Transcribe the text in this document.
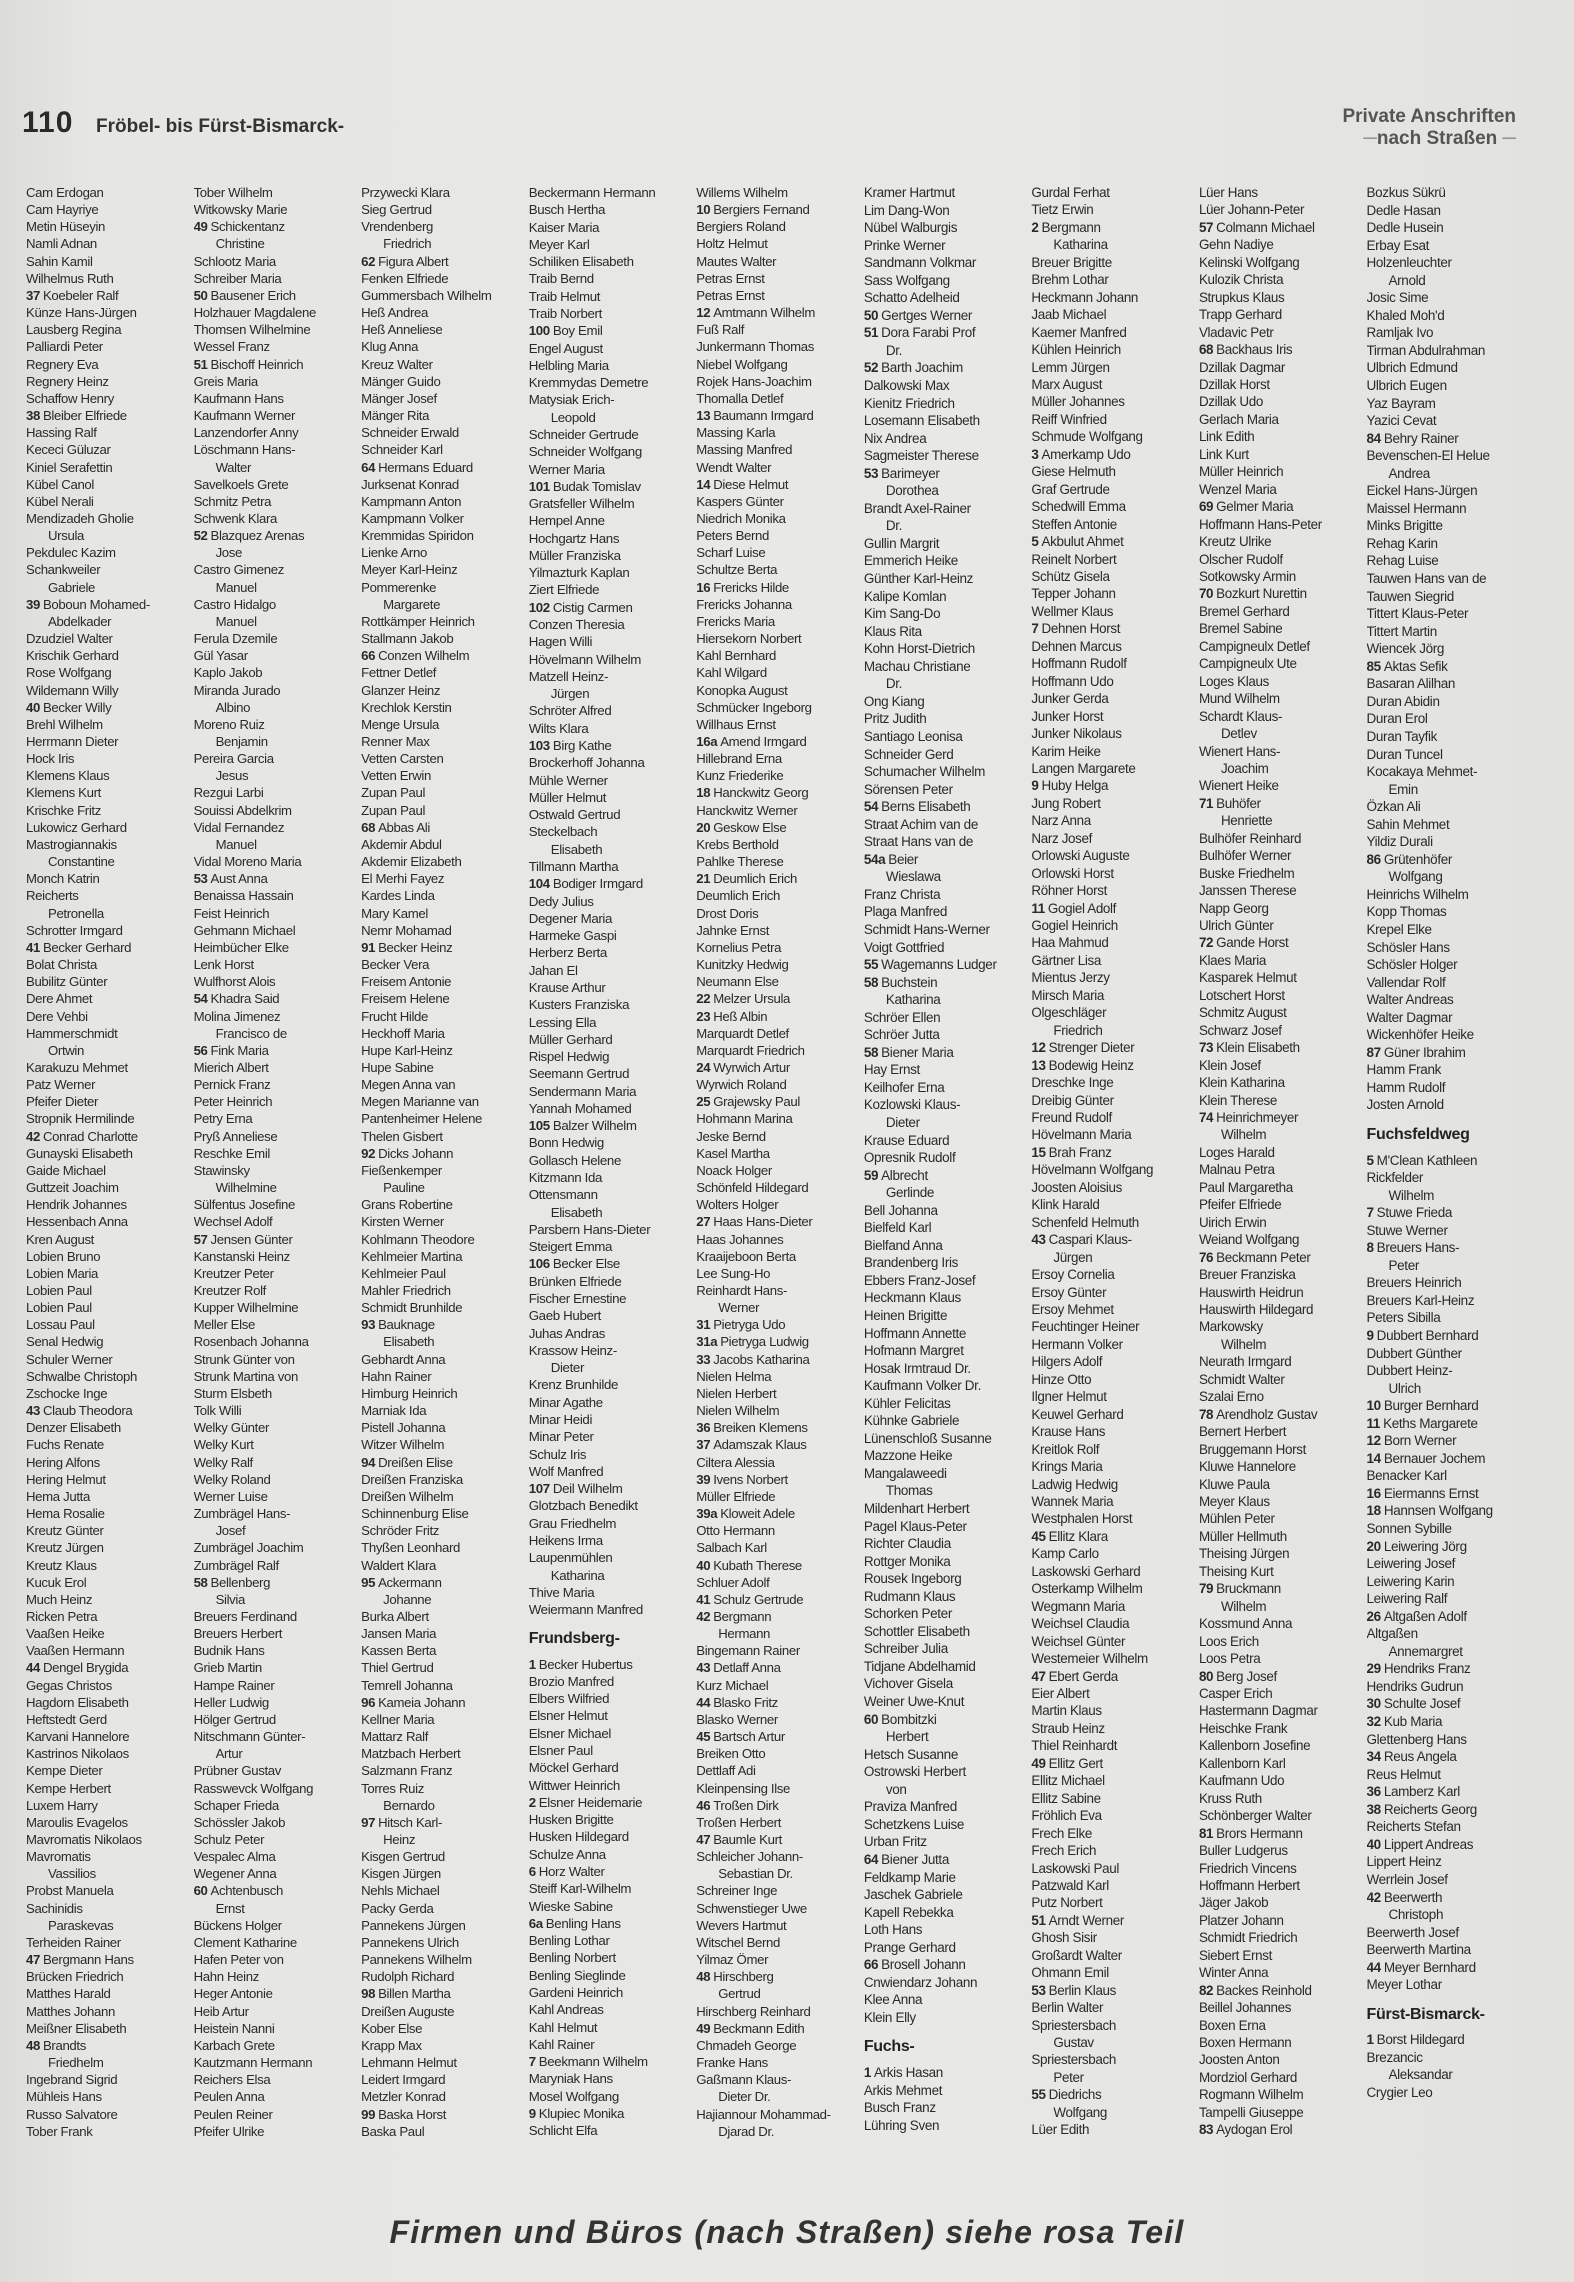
110 Fröbel- bis Fürst-Bismarck-	Private Anschriften
─ nach Straßen ─
Cam Erdogan
Cam Hayriye
Metin Hüseyin
Namli Adnan
Sahin Kamil
Wilhelmus Ruth
37 Koebeler Ralf
Künze Hans-Jürgen
Lausberg Regina
Palliardi Peter
Regnery Eva
Regnery Heinz
Schaffow Henry
38 Bleiber Elfriede
Hassing Ralf
Kececi Güluzar
Kiniel Serafettin
Kübel Canol
Kübel Nerali
Mendizadeh Gholie
Ursula
Pekdulec Kazim
Schankweiler
Gabriele
39 Boboun Mohamed-
Abdelkader
Dzudziel Walter
Krischik Gerhard
Rose Wolfgang
Wildemann Willy
40 Becker Willy
Brehl Wilhelm
Herrmann Dieter
Hock Iris
Klemens Klaus
Klemens Kurt
Krischke Fritz
Lukowicz Gerhard
Mastrogiannakis
Constantine
Monch Katrin
Reicherts
Petronella
Schrotter Irmgard
41 Becker Gerhard
Bolat Christa
Bubilitz Günter
Dere Ahmet
Dere Vehbi
Hammerschmidt
Ortwin
Karakuzu Mehmet
Patz Werner
Pfeifer Dieter
Stropnik Hermilinde
42 Conrad Charlotte
Gunayski Elisabeth
Gaide Michael
Guttzeit Joachim
Hendrik Johannes
Hessenbach Anna
Kren August
Lobien Bruno
Lobien Maria
Lobien Paul
Lobien Paul
Lossau Paul
Senal Hedwig
Schuler Werner
Schwalbe Christoph
Zschocke Inge
43 Claub Theodora
Denzer Elisabeth
Fuchs Renate
Hering Alfons
Hering Helmut
Hema Jutta
Hema Rosalie
Kreutz Günter
Kreutz Jürgen
Kreutz Klaus
Kucuk Erol
Much Heinz
Ricken Petra
Vaaßen Heike
Vaaßen Hermann
44 Dengel Brygida
Gegas Christos
Hagdorn Elisabeth
Heftstedt Gerd
Karvani Hannelore
Kastrinos Nikolaos
Kempe Dieter
Kempe Herbert
Luxem Harry
Maroulis Evagelos
Mavromatis Nikolaos
Mavromatis
Vassilios
Probst Manuela
Sachinidis
Paraskevas
Terheiden Rainer
47 Bergmann Hans
Brücken Friedrich
Matthes Harald
Matthes Johann
Meißner Elisabeth
48 Brandts
Friedhelm
Ingebrand Sigrid
Mühleis Hans
Russo Salvatore
Tober Frank
Tober Wilhelm
Witkowsky Marie
49 Schickentanz
Christine
Schlootz Maria
Schreiber Maria
50 Bausener Erich
Holzhauer Magdalene
Thomsen Wilhelmine
Wessel Franz
51 Bischoff Heinrich
Greis Maria
Kaufmann Hans
Kaufmann Werner
Lanzendorfer Anny
Löschmann Hans-
Walter
Savelkoels Grete
Schmitz Petra
Schwenk Klara
52 Blazquez Arenas
Jose
Castro Gimenez
Manuel
Castro Hidalgo
Manuel
Ferula Dzemile
Gül Yasar
Kaplo Jakob
Miranda Jurado
Albino
Moreno Ruiz
Benjamin
Pereira Garcia
Jesus
Rezgui Larbi
Souissi Abdelkrim
Vidal Fernandez
Manuel
Vidal Moreno Maria
53 Aust Anna
Benaissa Hassain
Feist Heinrich
Gehmann Michael
Heimbücher Elke
Lenk Horst
Wulfhorst Alois
54 Khadra Said
Molina Jimenez
Francisco de
56 Fink Maria
Mierich Albert
Pernick Franz
Peter Heinrich
Petry Erna
Pryß Anneliese
Reschke Emil
Stawinsky
Wilhelmine
Sülfentus Josefine
Wechsel Adolf
57 Jensen Günter
Kanstanski Heinz
Kreutzer Peter
Kreutzer Rolf
Kupper Wilhelmine
Meller Else
Rosenbach Johanna
Strunk Günter von
Strunk Martina von
Sturm Elsbeth
Tolk Willi
Welky Günter
Welky Kurt
Welky Ralf
Welky Roland
Werner Luise
Zumbrägel Hans-
Josef
Zumbrägel Joachim
Zumbrägel Ralf
58 Bellenberg
Silvia
Breuers Ferdinand
Breuers Herbert
Budnik Hans
Grieb Martin
Hampe Rainer
Heller Ludwig
Hölger Gertrud
Nitschmann Günter-
Artur
Prübner Gustav
Rasswevck Wolfgang
Schaper Frieda
Schössler Jakob
Schulz Peter
Vespalec Alma
Wegener Anna
60 Achtenbusch
Ernst
Bückens Holger
Clement Katharine
Hafen Peter von
Hahn Heinz
Heger Antonie
Heib Artur
Heistein Nanni
Karbach Grete
Kautzmann Hermann
Reichers Elsa
Peulen Anna
Peulen Reiner
Pfeifer Ulrike
Przywecki Klara
Sieg Gertrud
Vrendenberg
Friedrich
62 Figura Albert
Fenken Elfriede
Gummersbach Wilhelm
Heß Andrea
Heß Anneliese
Klug Anna
Kreuz Walter
Mänger Guido
Mänger Josef
Mänger Rita
Schneider Erwald
Schneider Karl
64 Hermans Eduard
Jurksenat Konrad
Kampmann Anton
Kampmann Volker
Kremmidas Spiridon
Lienke Arno
Meyer Karl-Heinz
Pommerenke
Margarete
Rottkämper Heinrich
Stallmann Jakob
66 Conzen Wilhelm
Fettner Detlef
Glanzer Heinz
Krechlok Kerstin
Menge Ursula
Renner Max
Vetten Carsten
Vetten Erwin
Zupan Paul
Zupan Paul
68 Abbas Ali
Akdemir Abdul
Akdemir Elizabeth
El Merhi Fayez
Kardes Linda
Mary Kamel
Nemr Mohamad
91 Becker Heinz
Becker Vera
Freisem Antonie
Freisem Helene
Frucht Hilde
Heckhoff Maria
Hupe Karl-Heinz
Hupe Sabine
Megen Anna van
Megen Marianne van
Pantenheimer Helene
Thelen Gisbert
92 Dicks Johann
Fießenkemper
Pauline
Grans Robertine
Kirsten Werner
Kohlmann Theodore
Kehlmeier Martina
Kehlmeier Paul
Mahler Friedrich
Schmidt Brunhilde
93 Bauknage
Elisabeth
Gebhardt Anna
Hahn Rainer
Himburg Heinrich
Marniak Ida
Pistell Johanna
Witzer Wilhelm
94 Dreißen Elise
Dreißen Franziska
Dreißen Wilhelm
Schinnenburg Elise
Schröder Fritz
Thyßen Leonhard
Waldert Klara
95 Ackermann
Johanne
Burka Albert
Jansen Maria
Kassen Berta
Thiel Gertrud
Temrell Johanna
96 Kameia Johann
Kellner Maria
Mattarz Ralf
Matzbach Herbert
Salzmann Franz
Torres Ruiz
Bernardo
97 Hitsch Karl-
Heinz
Kisgen Gertrud
Kisgen Jürgen
Nehls Michael
Packy Gerda
Pannekens Jürgen
Pannekens Ulrich
Pannekens Wilhelm
Rudolph Richard
98 Billen Martha
Dreißen Auguste
Kober Else
Krapp Max
Lehmann Helmut
Leidert Irmgard
Metzler Konrad
99 Baska Horst
Baska Paul
Beckermann Hermann
Busch Hertha
Kaiser Maria
Meyer Karl
Schiliken Elisabeth
Traib Bernd
Traib Helmut
Traib Norbert
100 Boy Emil
Engel August
Helbling Maria
Kremmydas Demetre
Matysiak Erich-
Leopold
Schneider Gertrude
Schneider Wolfgang
Werner Maria
101 Budak Tomislav
Gratsfeller Wilhelm
Hempel Anne
Hochgartz Hans
Müller Franziska
Yilmazturk Kaplan
Ziert Elfriede
102 Cistig Carmen
Conzen Theresia
Hagen Willi
Hövelmann Wilhelm
Matzell Heinz-
Jürgen
Schröter Alfred
Wilts Klara
103 Birg Kathe
Brockerhoff Johanna
Mühle Werner
Müller Helmut
Ostwald Gertrud
Steckelbach
Elisabeth
Tillmann Martha
104 Bodiger Irmgard
Dedy Julius
Degener Maria
Harmeke Gaspi
Herberz Berta
Jahan El
Krause Arthur
Kusters Franziska
Lessing Ella
Müller Gerhard
Rispel Hedwig
Seemann Gertrud
Sendermann Maria
Yannah Mohamed
105 Balzer Wilhelm
Bonn Hedwig
Gollasch Helene
Kitzmann Ida
Ottensmann
Elisabeth
Parsbern Hans-Dieter
Steigert Emma
106 Becker Else
Brünken Elfriede
Fischer Ernestine
Gaeb Hubert
Juhas Andras
Krassow Heinz-
Dieter
Krenz Brunhilde
Minar Agathe
Minar Heidi
Minar Peter
Schulz Iris
Wolf Manfred
107 Deil Wilhelm
Glotzbach Benedikt
Grau Friedhelm
Heikens Irma
Laupenmühlen
Katharina
Thive Maria
Weiermann Manfred
Frundsberg-
1 Becker Hubertus
Brozio Manfred
Elbers Wilfried
Elsner Helmut
Elsner Michael
Elsner Paul
Möckel Gerhard
Wittwer Heinrich
2 Elsner Heidemarie
Husken Brigitte
Husken Hildegard
Schulze Anna
6 Horz Walter
Steiff Karl-Wilhelm
Wieske Sabine
6a Benling Hans
Benling Lothar
Benling Norbert
Benling Sieglinde
Gardeni Heinrich
Kahl Andreas
Kahl Helmut
Kahl Rainer
7 Beekmann Wilhelm
Maryniak Hans
Mosel Wolfgang
9 Klupiec Monika
Schlicht Elfa
Willems Wilhelm
10 Bergiers Fernand
Bergiers Roland
Holtz Helmut
Mautes Walter
Petras Ernst
Petras Ernst
12 Amtmann Wilhelm
Fuß Ralf
Junkermann Thomas
Niebel Wolfgang
Rojek Hans-Joachim
Thomalla Detlef
13 Baumann Irmgard
Massing Karla
Massing Manfred
Wendt Walter
14 Diese Helmut
Kaspers Günter
Niedrich Monika
Peters Bernd
Scharf Luise
Schultze Berta
16 Frericks Hilde
Frericks Johanna
Frericks Maria
Hiersekorn Norbert
Kahl Bernhard
Kahl Wilgard
Konopka August
Schmücker Ingeborg
Willhaus Ernst
16a Amend Irmgard
Hillebrand Erna
Kunz Friederike
18 Hanckwitz Georg
Hanckwitz Werner
20 Geskow Else
Krebs Berthold
Pahlke Therese
21 Deumlich Erich
Deumlich Erich
Drost Doris
Jahnke Ernst
Kornelius Petra
Kunitzky Hedwig
Neumann Else
22 Melzer Ursula
23 Heß Albin
Marquardt Detlef
Marquardt Friedrich
24 Wyrwich Artur
Wyrwich Roland
25 Grajewsky Paul
Hohmann Marina
Jeske Bernd
Kasel Martha
Noack Holger
Schönfeld Hildegard
Wolters Holger
27 Haas Hans-Dieter
Haas Johannes
Kraaijeboon Berta
Lee Sung-Ho
Reinhardt Hans-
Werner
31 Pietryga Udo
31a Pietryga Ludwig
33 Jacobs Katharina
Nielen Helma
Nielen Herbert
Nielen Wilhelm
36 Breiken Klemens
37 Adamszak Klaus
Ciltera Alessia
39 Ivens Norbert
Müller Elfriede
39a Kloweit Adele
Otto Hermann
Salbach Karl
40 Kubath Therese
Schluer Adolf
41 Schulz Gertrude
42 Bergmann
Hermann
Bingemann Rainer
43 Detlaff Anna
Kurz Michael
44 Blasko Fritz
Blasko Werner
45 Bartsch Artur
Breiken Otto
Dettlaff Adi
Kleinpensing Ilse
46 Troßen Dirk
Troßen Herbert
47 Baumle Kurt
Schleicher Johann-
Sebastian Dr.
Schreiner Inge
Schwenstieger Uwe
Wevers Hartmut
Witschel Bernd
Yilmaz Ömer
48 Hirschberg
Gertrud
Hirschberg Reinhard
49 Beckmann Edith
Chmadeh George
Franke Hans
Gaßmann Klaus-
Dieter Dr.
Hajiannour Mohammad-
Djarad Dr.
Kramer Hartmut
Lim Dang-Won
Nübel Walburgis
Prinke Werner
Sandmann Volkmar
Sass Wolfgang
Schatto Adelheid
50 Gertges Werner
51 Dora Farabi Prof
Dr.
52 Barth Joachim
Dalkowski Max
Kienitz Friedrich
Losemann Elisabeth
Nix Andrea
Sagmeister Therese
53 Barimeyer
Dorothea
Brandt Axel-Rainer
Dr.
Gullin Margrit
Emmerich Heike
Günther Karl-Heinz
Kalipe Komlan
Kim Sang-Do
Klaus Rita
Kohn Horst-Dietrich
Machau Christiane
Dr.
Ong Kiang
Pritz Judith
Santiago Leonisa
Schneider Gerd
Schumacher Wilhelm
Sörensen Peter
54 Berns Elisabeth
Straat Achim van de
Straat Hans van de
54a Beier
Wieslawa
Franz Christa
Plaga Manfred
Schmidt Hans-Werner
Voigt Gottfried
55 Wagemanns Ludger
58 Buchstein
Katharina
Schröer Ellen
Schröer Jutta
58 Biener Maria
Hay Ernst
Keilhofer Erna
Kozlowski Klaus-
Dieter
Krause Eduard
Opresnik Rudolf
59 Albrecht
Gerlinde
Bell Johanna
Bielfeld Karl
Bielfand Anna
Brandenberg Iris
Ebbers Franz-Josef
Heckmann Klaus
Heinen Brigitte
Hoffmann Annette
Hofmann Margret
Hosak Irmtraud Dr.
Kaufmann Volker Dr.
Kühler Felicitas
Kühnke Gabriele
Lünenschloß Susanne
Mazzone Heike
Mangalaweedi
Thomas
Mildenhart Herbert
Pagel Klaus-Peter
Richter Claudia
Rottger Monika
Rousek Ingeborg
Rudmann Klaus
Schorken Peter
Schottler Elisabeth
Schreiber Julia
Tidjane Abdelhamid
Vichover Gisela
Weiner Uwe-Knut
60 Bombitzki
Herbert
Hetsch Susanne
Ostrowski Herbert
von
Praviza Manfred
Schetzkens Luise
Urban Fritz
64 Biener Jutta
Feldkamp Marie
Jaschek Gabriele
Kapell Rebekka
Loth Hans
Prange Gerhard
66 Brosell Johann
Cnwiendarz Johann
Klee Anna
Klein Elly
Fuchs-
1 Arkis Hasan
Arkis Mehmet
Busch Franz
Lühring Sven
Gurdal Ferhat
Tietz Erwin
2 Bergmann
Katharina
Breuer Brigitte
Brehm Lothar
Heckmann Johann
Jaab Michael
Kaemer Manfred
Kühlen Heinrich
Lemm Jürgen
Marx August
Müller Johannes
Reiff Winfried
Schmude Wolfgang
3 Amerkamp Udo
Giese Helmuth
Graf Gertrude
Schedwill Emma
Steffen Antonie
5 Akbulut Ahmet
Reinelt Norbert
Schütz Gisela
Tepper Johann
Wellmer Klaus
7 Dehnen Horst
Dehnen Marcus
Hoffmann Rudolf
Hoffmann Udo
Junker Gerda
Junker Horst
Junker Nikolaus
Karim Heike
Langen Margarete
9 Huby Helga
Jung Robert
Narz Anna
Narz Josef
Orlowski Auguste
Orlowski Horst
Röhner Horst
11 Gogiel Adolf
Gogiel Heinrich
Haa Mahmud
Gärtner Lisa
Mientus Jerzy
Mirsch Maria
Olgeschläger
Friedrich
12 Strenger Dieter
13 Bodewig Heinz
Dreschke Inge
Dreibig Günter
Freund Rudolf
Hövelmann Maria
15 Brah Franz
Hövelmann Wolfgang
Joosten Aloisius
Klink Harald
Schenfeld Helmuth
43 Caspari Klaus-
Jürgen
Ersoy Cornelia
Ersoy Günter
Ersoy Mehmet
Feuchtinger Heiner
Hermann Volker
Hilgers Adolf
Hinze Otto
Ilgner Helmut
Keuwel Gerhard
Krause Hans
Kreitlok Rolf
Krings Maria
Ladwig Hedwig
Wannek Maria
Westphalen Horst
45 Ellitz Klara
Kamp Carlo
Laskowski Gerhard
Osterkamp Wilhelm
Wegmann Maria
Weichsel Claudia
Weichsel Günter
Westemeier Wilhelm
47 Ebert Gerda
Eier Albert
Martin Klaus
Straub Heinz
Thiel Reinhardt
49 Ellitz Gert
Ellitz Michael
Ellitz Sabine
Fröhlich Eva
Frech Elke
Frech Erich
Laskowski Paul
Patzwald Karl
Putz Norbert
51 Arndt Werner
Ghosh Sisir
Großardt Walter
Ohmann Emil
53 Berlin Klaus
Berlin Walter
Spriestersbach
Gustav
Spriestersbach
Peter
55 Diedrichs
Wolfgang
Lüer Edith
Lüer Hans
Lüer Johann-Peter
57 Colmann Michael
Gehn Nadiye
Kelinski Wolfgang
Kulozik Christa
Strupkus Klaus
Trapp Gerhard
Vladavic Petr
68 Backhaus Iris
Dzillak Dagmar
Dzillak Horst
Dzillak Udo
Gerlach Maria
Link Edith
Link Kurt
Müller Heinrich
Wenzel Maria
69 Gelmer Maria
Hoffmann Hans-Peter
Kreutz Ulrike
Olscher Rudolf
Sotkowsky Armin
70 Bozkurt Nurettin
Bremel Gerhard
Bremel Sabine
Campigneulx Detlef
Campigneulx Ute
Loges Klaus
Mund Wilhelm
Schardt Klaus-
Detlev
Wienert Hans-
Joachim
Wienert Heike
71 Buhöfer
Henriette
Bulhöfer Reinhard
Bulhöfer Werner
Buske Friedhelm
Janssen Therese
Napp Georg
Ulrich Günter
72 Gande Horst
Klaes Maria
Kasparek Helmut
Lotschert Horst
Schmitz August
Schwarz Josef
73 Klein Elisabeth
Klein Josef
Klein Katharina
Klein Therese
74 Heinrichmeyer
Wilhelm
Loges Harald
Malnau Petra
Paul Margaretha
Pfeifer Elfriede
Uirich Erwin
Weiand Wolfgang
76 Beckmann Peter
Breuer Franziska
Hauswirth Heidrun
Hauswirth Hildegard
Markowsky
Wilhelm
Neurath Irmgard
Schmidt Walter
Szalai Erno
78 Arendholz Gustav
Bernert Herbert
Bruggemann Horst
Kluwe Hannelore
Kluwe Paula
Meyer Klaus
Mühlen Peter
Müller Hellmuth
Theising Jürgen
Theising Kurt
79 Bruckmann
Wilhelm
Kossmund Anna
Loos Erich
Loos Petra
80 Berg Josef
Casper Erich
Hastermann Dagmar
Heischke Frank
Kallenborn Josefine
Kallenborn Karl
Kaufmann Udo
Kruss Ruth
Schönberger Walter
81 Brors Hermann
Buller Ludgerus
Friedrich Vincens
Hoffmann Herbert
Jäger Jakob
Platzer Johann
Schmidt Friedrich
Siebert Ernst
Winter Anna
82 Backes Reinhold
Beillel Johannes
Boxen Erna
Boxen Hermann
Joosten Anton
Mordziol Gerhard
Rogmann Wilhelm
Tampelli Giuseppe
83 Aydogan Erol
Bozkus Sükrü
Dedle Hasan
Dedle Husein
Erbay Esat
Holzenleuchter
Arnold
Josic Sime
Khaled Moh'd
Ramljak Ivo
Tirman Abdulrahman
Ulbrich Edmund
Ulbrich Eugen
Yaz Bayram
Yazici Cevat
84 Behry Rainer
Bevenschen-El Helue
Andrea
Eickel Hans-Jürgen
Maissel Hermann
Minks Brigitte
Rehag Karin
Rehag Luise
Tauwen Hans van de
Tauwen Siegrid
Tittert Klaus-Peter
Tittert Martin
Wiencek Jörg
85 Aktas Sefik
Basaran Alilhan
Duran Abidin
Duran Erol
Duran Tayfik
Duran Tuncel
Kocakaya Mehmet-
Emin
Özkan Ali
Sahin Mehmet
Yildiz Durali
86 Grütenhöfer
Wolfgang
Heinrichs Wilhelm
Kopp Thomas
Krepel Elke
Schösler Hans
Schösler Holger
Vallendar Rolf
Walter Andreas
Walter Dagmar
Wickenhöfer Heike
87 Güner Ibrahim
Hamm Frank
Hamm Rudolf
Josten Arnold
Fuchsfeldweg
5 M'Clean Kathleen
Rickfelder
Wilhelm
7 Stuwe Frieda
Stuwe Werner
8 Breuers Hans-
Peter
Breuers Heinrich
Breuers Karl-Heinz
Peters Sibilla
9 Dubbert Bernhard
Dubbert Günther
Dubbert Heinz-
Ulrich
10 Burger Bernhard
11 Keths Margarete
12 Born Werner
14 Bernauer Jochem
Benacker Karl
16 Eiermanns Ernst
18 Hannsen Wolfgang
Sonnen Sybille
20 Leiwering Jörg
Leiwering Josef
Leiwering Karin
Leiwering Ralf
26 Altgaßen Adolf
Altgaßen
Annemargret
29 Hendriks Franz
Hendriks Gudrun
30 Schulte Josef
32 Kub Maria
Glettenberg Hans
34 Reus Angela
Reus Helmut
36 Lamberz Karl
38 Reicherts Georg
Reicherts Stefan
40 Lippert Andreas
Lippert Heinz
Werrlein Josef
42 Beerwerth
Christoph
Beerwerth Josef
Beerwerth Martina
44 Meyer Bernhard
Meyer Lothar
Fürst-Bismarck-
1 Borst Hildegard
Brezancic
Aleksandar
Crygier Leo
Firmen und Büros (nach Straßen) siehe rosa Teil
